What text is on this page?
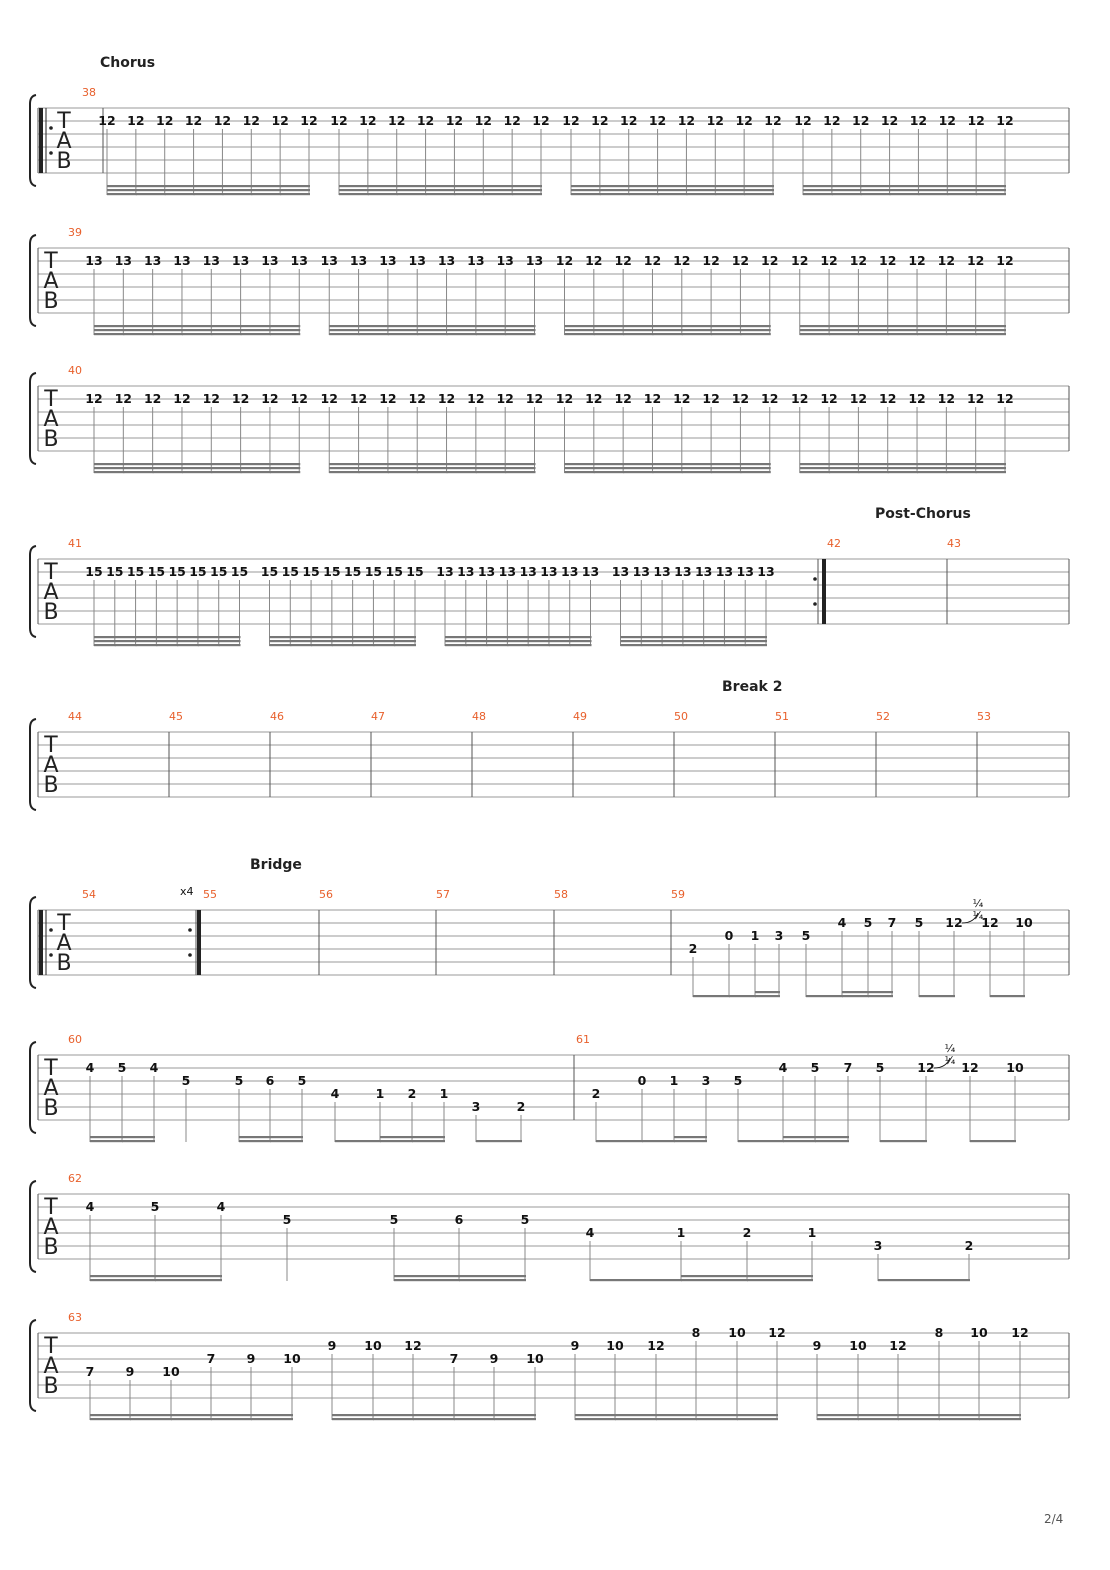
Chorus
T
A
B
38
12 12 12 12 12 12 12 12 12 12 12 12 12 12 12 12 12 12 12 12 12 12 12 12 12 12 12 12 12 12 12 12
T
A
B
39
13 13 13 13 13 13 13 13 13 13 13 13 13 13 13 13 12 12 12 12 12 12 12 12 12 12 12 12 12 12 12 12
T
A
B
40
12 12 12 12 12 12 12 12 12 12 12 12 12 12 12 12 12 12 12 12 12 12 12 12 12 12 12 12 12 12 12 12
Post-Chorus
T
A
B
41	42	43
15 15 15 15 15 15 15 15 15 15 15 15 15 15 15 15 13 13 13 13 13 13 13 13 13 13 13 13 13 13 13 13
Break 2
T
A
B
44	45	46	47	48	49	50	51	52	53
Bridge
T
A
B
54	55	56	57	58	59
x4
2
0 1 3 5
4 5 7 5 12
¼
¼
12 10
T
A
B
60	61
4 5 4
5	5 6 5
4	1 2 1
3	2
2
0 1 3 5
4 5 7 5	12
¼
¼ 12 10
T
A
B
62
4	5	4
5	5	6	5
4	1	2	1
3	2
T
A
B
63
7	9 10
7	9 10
9 10 12
7	9 10
9 10 12
8 10 12
9 10 12
8 10 12
2/4
